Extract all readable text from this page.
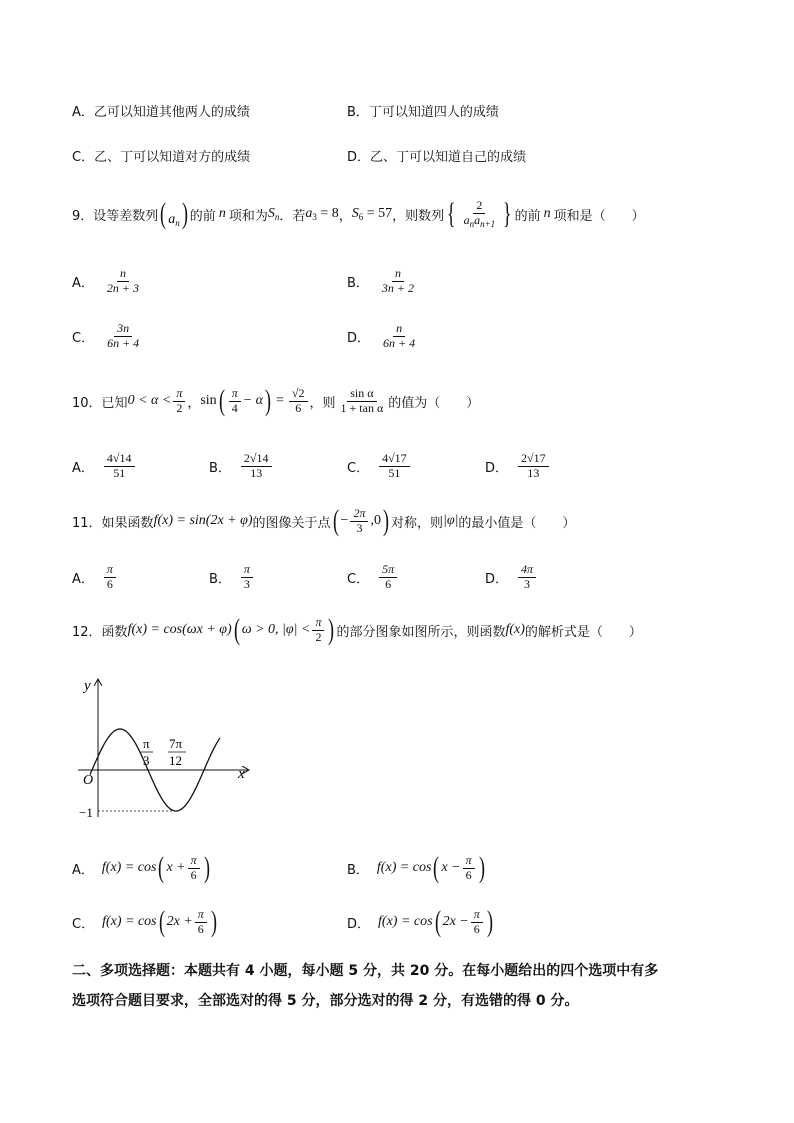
A．乙可以知道其他两人的成绩	B．丁可以知道四人的成绩
C．乙、丁可以知道对方的成绩	D．乙、丁可以知道自己的成绩
9． 设等差数列 ( $a_n$) 的前 n 项和为 $S_n$ ．若 $a_3 = 8$ ， $S_6 = 57$ ，则数列 { $\frac{2}{a_na_{n+1}}$ } 的前 n 项和是（　　）
A． $\frac{n}{2n + 3}$	B． $\frac{n}{3n + 2}$
C． $\frac{3n}{6n + 4}$	D． $\frac{n}{6n + 4}$
10． 已知 $0 < \alpha < \frac{\pi}{2}$ ， sin ( $\frac{\pi}{4} - \alpha$ ) = $\frac{√2}{6}$ ，则 $\frac{\text{sin α}}{\text{1 + tan α}}$ 的值为（　　）
A． $\frac{4√14}{51}$	B． $\frac{2√14}{13}$	C． $\frac{4√17}{51}$	D． $\frac{2√17}{13}$
11． 如果函数 f(x) = sin(2x + φ) 的图像关于点 ( − $\frac{2\pi}{3} ,0$ ) 对称，则 |φ| 的最小值是（　　）
A． $\frac{\pi}{6}$	B． $\frac{\pi}{3}$	C． $\frac{5\pi}{6}$	D． $\frac{4\pi}{3}$
12． 函数 f(x) = cos(ωx + φ) ( ω > 0, $|\varphi| < \frac{\pi}{2}$ ) 的部分图象如图所示，则函数 f(x) 的解析式是（　　）
y
x
O
−1
π
3
7π
12
A． f(x) = cos ( $x + \frac{\pi}{6}$ )	B． f(x) = cos ( $x - \frac{\pi}{6}$ )
C． f(x) = cos ( $2x + \frac{\pi}{6}$ )	D． f(x) = cos ( $2x - \frac{\pi}{6}$ )
二、多项选择题：本题共有 4 小题，每小题 5 分，共 20 分。在每小题给出的四个选项中有多
选项符合题目要求，全部选对的得 5 分，部分选对的得 2 分，有选错的得 0 分。
